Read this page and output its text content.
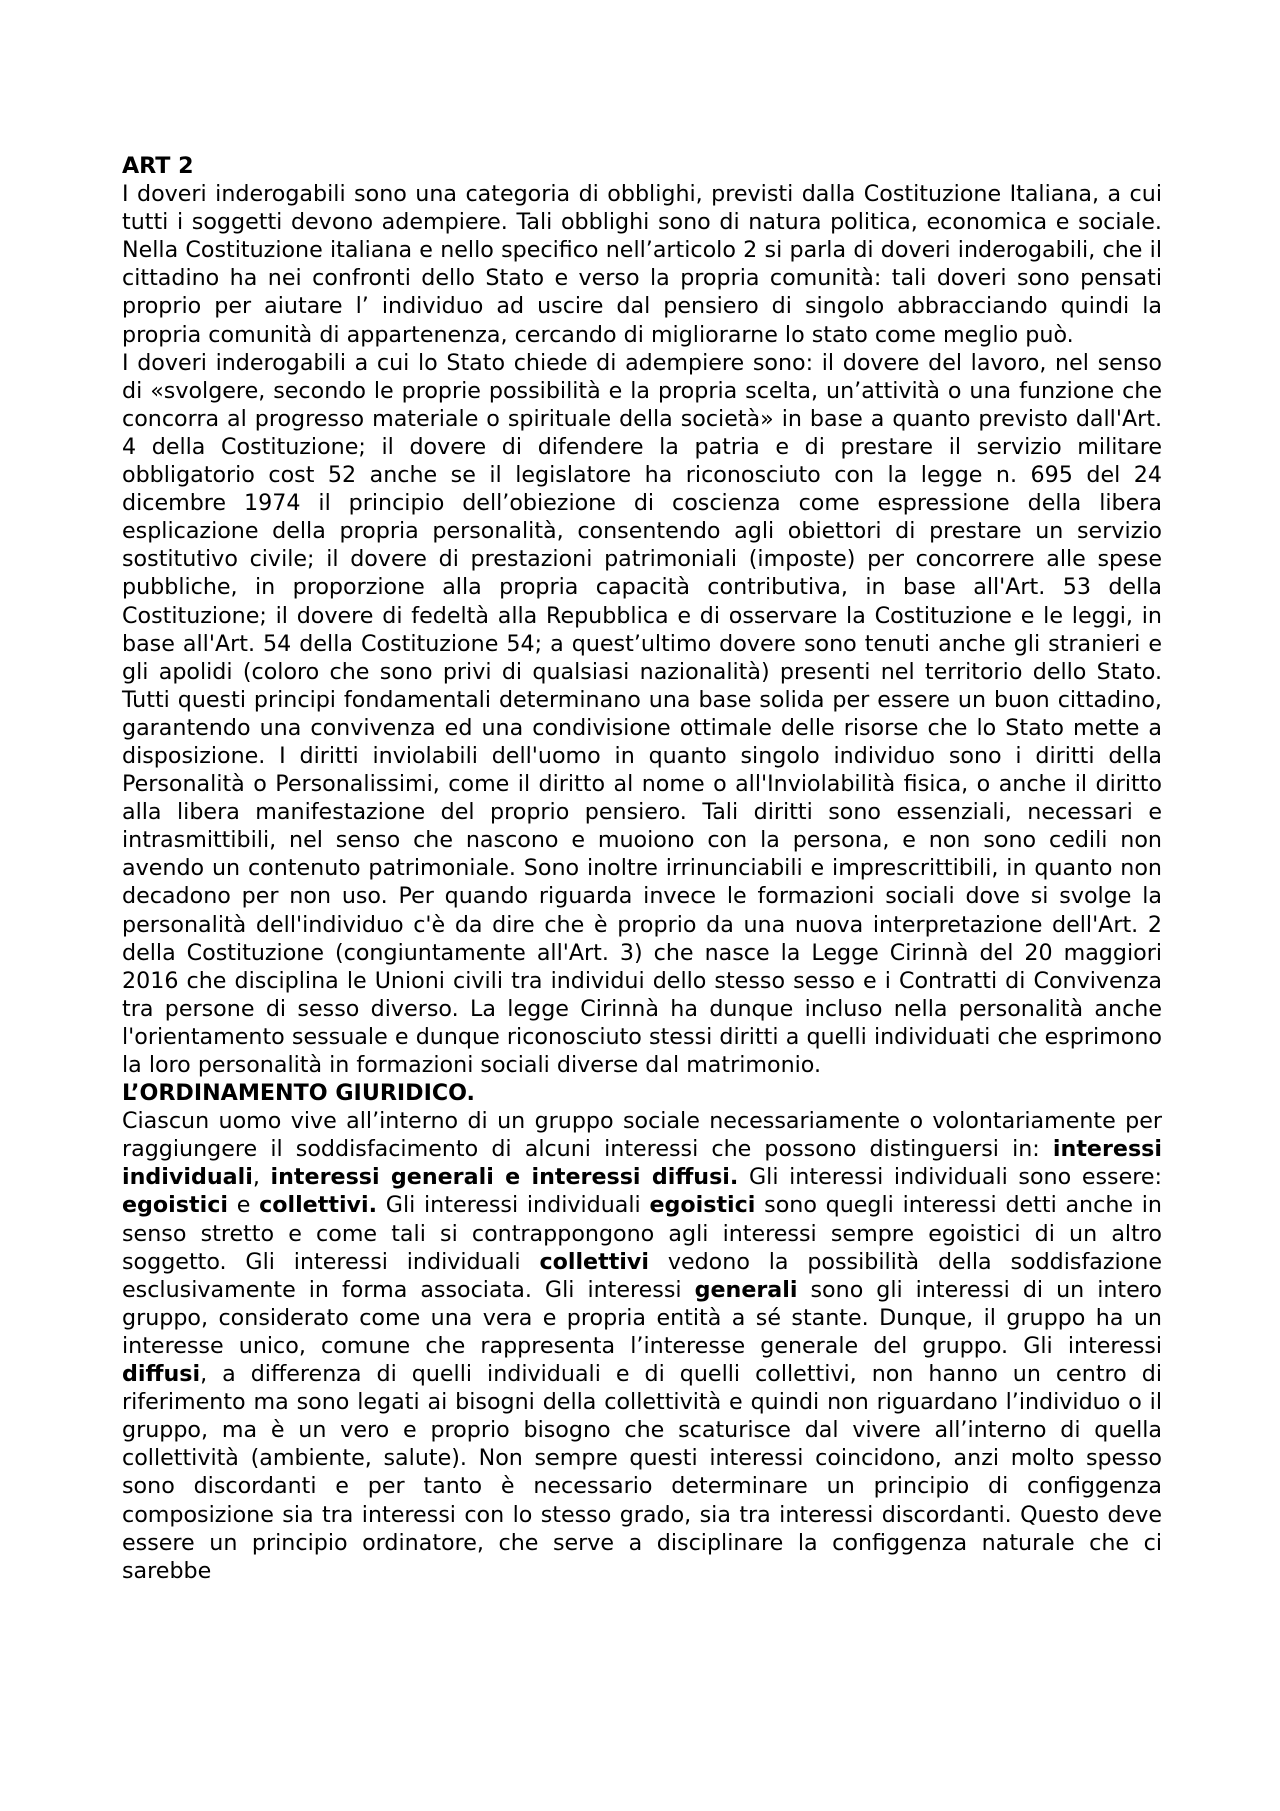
ART 2

I doveri inderogabili sono una categoria di obblighi, previsti dalla Costituzione Italiana, a cui tutti i soggetti devono adempiere. Tali obblighi sono di natura politica, economica e sociale. Nella Costituzione italiana e nello specifico nell’articolo 2 si parla di doveri inderogabili, che il cittadino ha nei confronti dello Stato e verso la propria comunità: tali doveri sono pensati proprio per aiutare l’ individuo ad uscire dal pensiero di singolo abbracciando quindi la propria comunità di appartenenza, cercando di migliorarne lo stato come meglio può.

I doveri inderogabili a cui lo Stato chiede di adempiere sono: il dovere del lavoro, nel senso di «svolgere, secondo le proprie possibilità e la propria scelta, un’attività o una funzione che concorra al progresso materiale o spirituale della società» in base a quanto previsto dall'Art. 4 della Costituzione; il dovere di difendere la patria e di prestare il servizio militare obbligatorio cost 52 anche se il legislatore ha riconosciuto con la legge n. 695 del 24 dicembre 1974 il principio dell’obiezione di coscienza come espressione della libera esplicazione della propria personalità, consentendo agli obiettori di prestare un servizio sostitutivo civile; il dovere di prestazioni patrimoniali (imposte) per concorrere alle spese pubbliche, in proporzione alla propria capacità contributiva, in base all'Art. 53 della Costituzione; il dovere di fedeltà alla Repubblica e di osservare la Costituzione e le leggi, in base all'Art. 54 della Costituzione 54; a quest’ultimo dovere sono tenuti anche gli stranieri e gli apolidi (coloro che sono privi di qualsiasi nazionalità) presenti nel territorio dello Stato. Tutti questi principi fondamentali determinano una base solida per essere un buon cittadino, garantendo una convivenza ed una condivisione ottimale delle risorse che lo Stato mette a disposizione. I diritti inviolabili dell'uomo in quanto singolo individuo sono i diritti della Personalità o Personalissimi, come il diritto al nome o all'Inviolabilità fisica, o anche il diritto alla libera manifestazione del proprio pensiero. Tali diritti sono essenziali, necessari e intrasmittibili, nel senso che nascono e muoiono con la persona, e non sono cedili non avendo un contenuto patrimoniale. Sono inoltre irrinunciabili e imprescrittibili, in quanto non decadono per non uso. Per quando riguarda invece le formazioni sociali dove si svolge la personalità dell'individuo c'è da dire che è proprio da una nuova interpretazione dell'Art. 2 della Costituzione (congiuntamente all'Art. 3) che nasce la Legge Cirinnà del 20 maggiori 2016 che disciplina le Unioni civili tra individui dello stesso sesso e i Contratti di Convivenza tra persone di sesso diverso. La legge Cirinnà ha dunque incluso nella personalità anche l'orientamento sessuale e dunque riconosciuto stessi diritti a quelli individuati che esprimono la loro personalità in formazioni sociali diverse dal matrimonio.

L’ORDINAMENTO GIURIDICO.

Ciascun uomo vive all’interno di un gruppo sociale necessariamente o volontariamente per raggiungere il soddisfacimento di alcuni interessi che possono distinguersi in: interessi individuali, interessi generali e interessi diffusi. Gli interessi individuali sono essere: egoistici e collettivi. Gli interessi individuali egoistici sono quegli interessi detti anche in senso stretto e come tali si contrappongono agli interessi sempre egoistici di un altro soggetto. Gli interessi individuali collettivi vedono la possibilità della soddisfazione esclusivamente in forma associata. Gli interessi generali sono gli interessi di un intero gruppo, considerato come una vera e propria entità a sé stante. Dunque, il gruppo ha un interesse unico, comune che rappresenta l’interesse generale del gruppo. Gli interessi diffusi, a differenza di quelli individuali e di quelli collettivi, non hanno un centro di riferimento ma sono legati ai bisogni della collettività e quindi non riguardano l’individuo o il gruppo, ma è un vero e proprio bisogno che scaturisce dal vivere all’interno di quella collettività (ambiente, salute). Non sempre questi interessi coincidono, anzi molto spesso sono discordanti e per tanto è necessario determinare un principio di configgenza composizione sia tra interessi con lo stesso grado, sia tra interessi discordanti. Questo deve essere un principio ordinatore, che serve a disciplinare la configgenza naturale che ci sarebbe
